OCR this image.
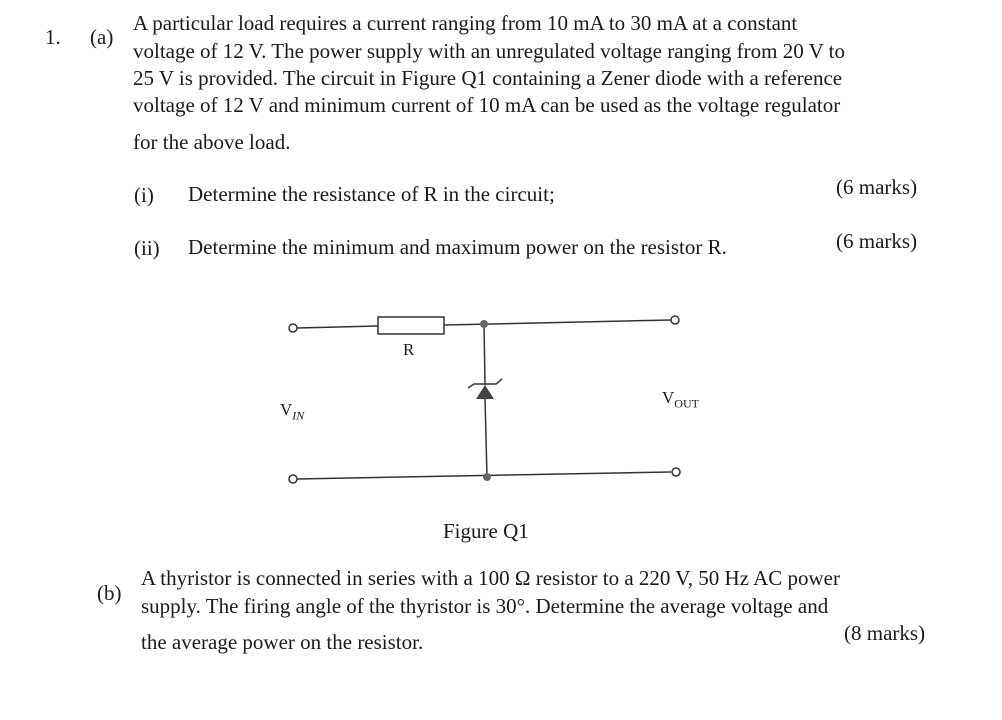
1. (a)
A particular load requires a current ranging from 10 mA to 30 mA at a constant
voltage of 12 V. The power supply with an unregulated voltage ranging from 20 V to
25 V is provided. The circuit in Figure Q1 containing a Zener diode with a reference
voltage of 12 V and minimum current of 10 mA can be used as the voltage regulator
for the above load.
(i) Determine the resistance of R in the circuit;	(6 marks)
(ii) Determine the minimum and maximum power on the resistor R.	(6 marks)
R
$V_{IN}$
$V_{OUT}$
Figure Q1
(b)
A thyristor is connected in series with a 100 Ω resistor to a 220 V, 50 Hz AC power
supply. The firing angle of the thyristor is 30°. Determine the average voltage and
the average power on the resistor.	(8 marks)
